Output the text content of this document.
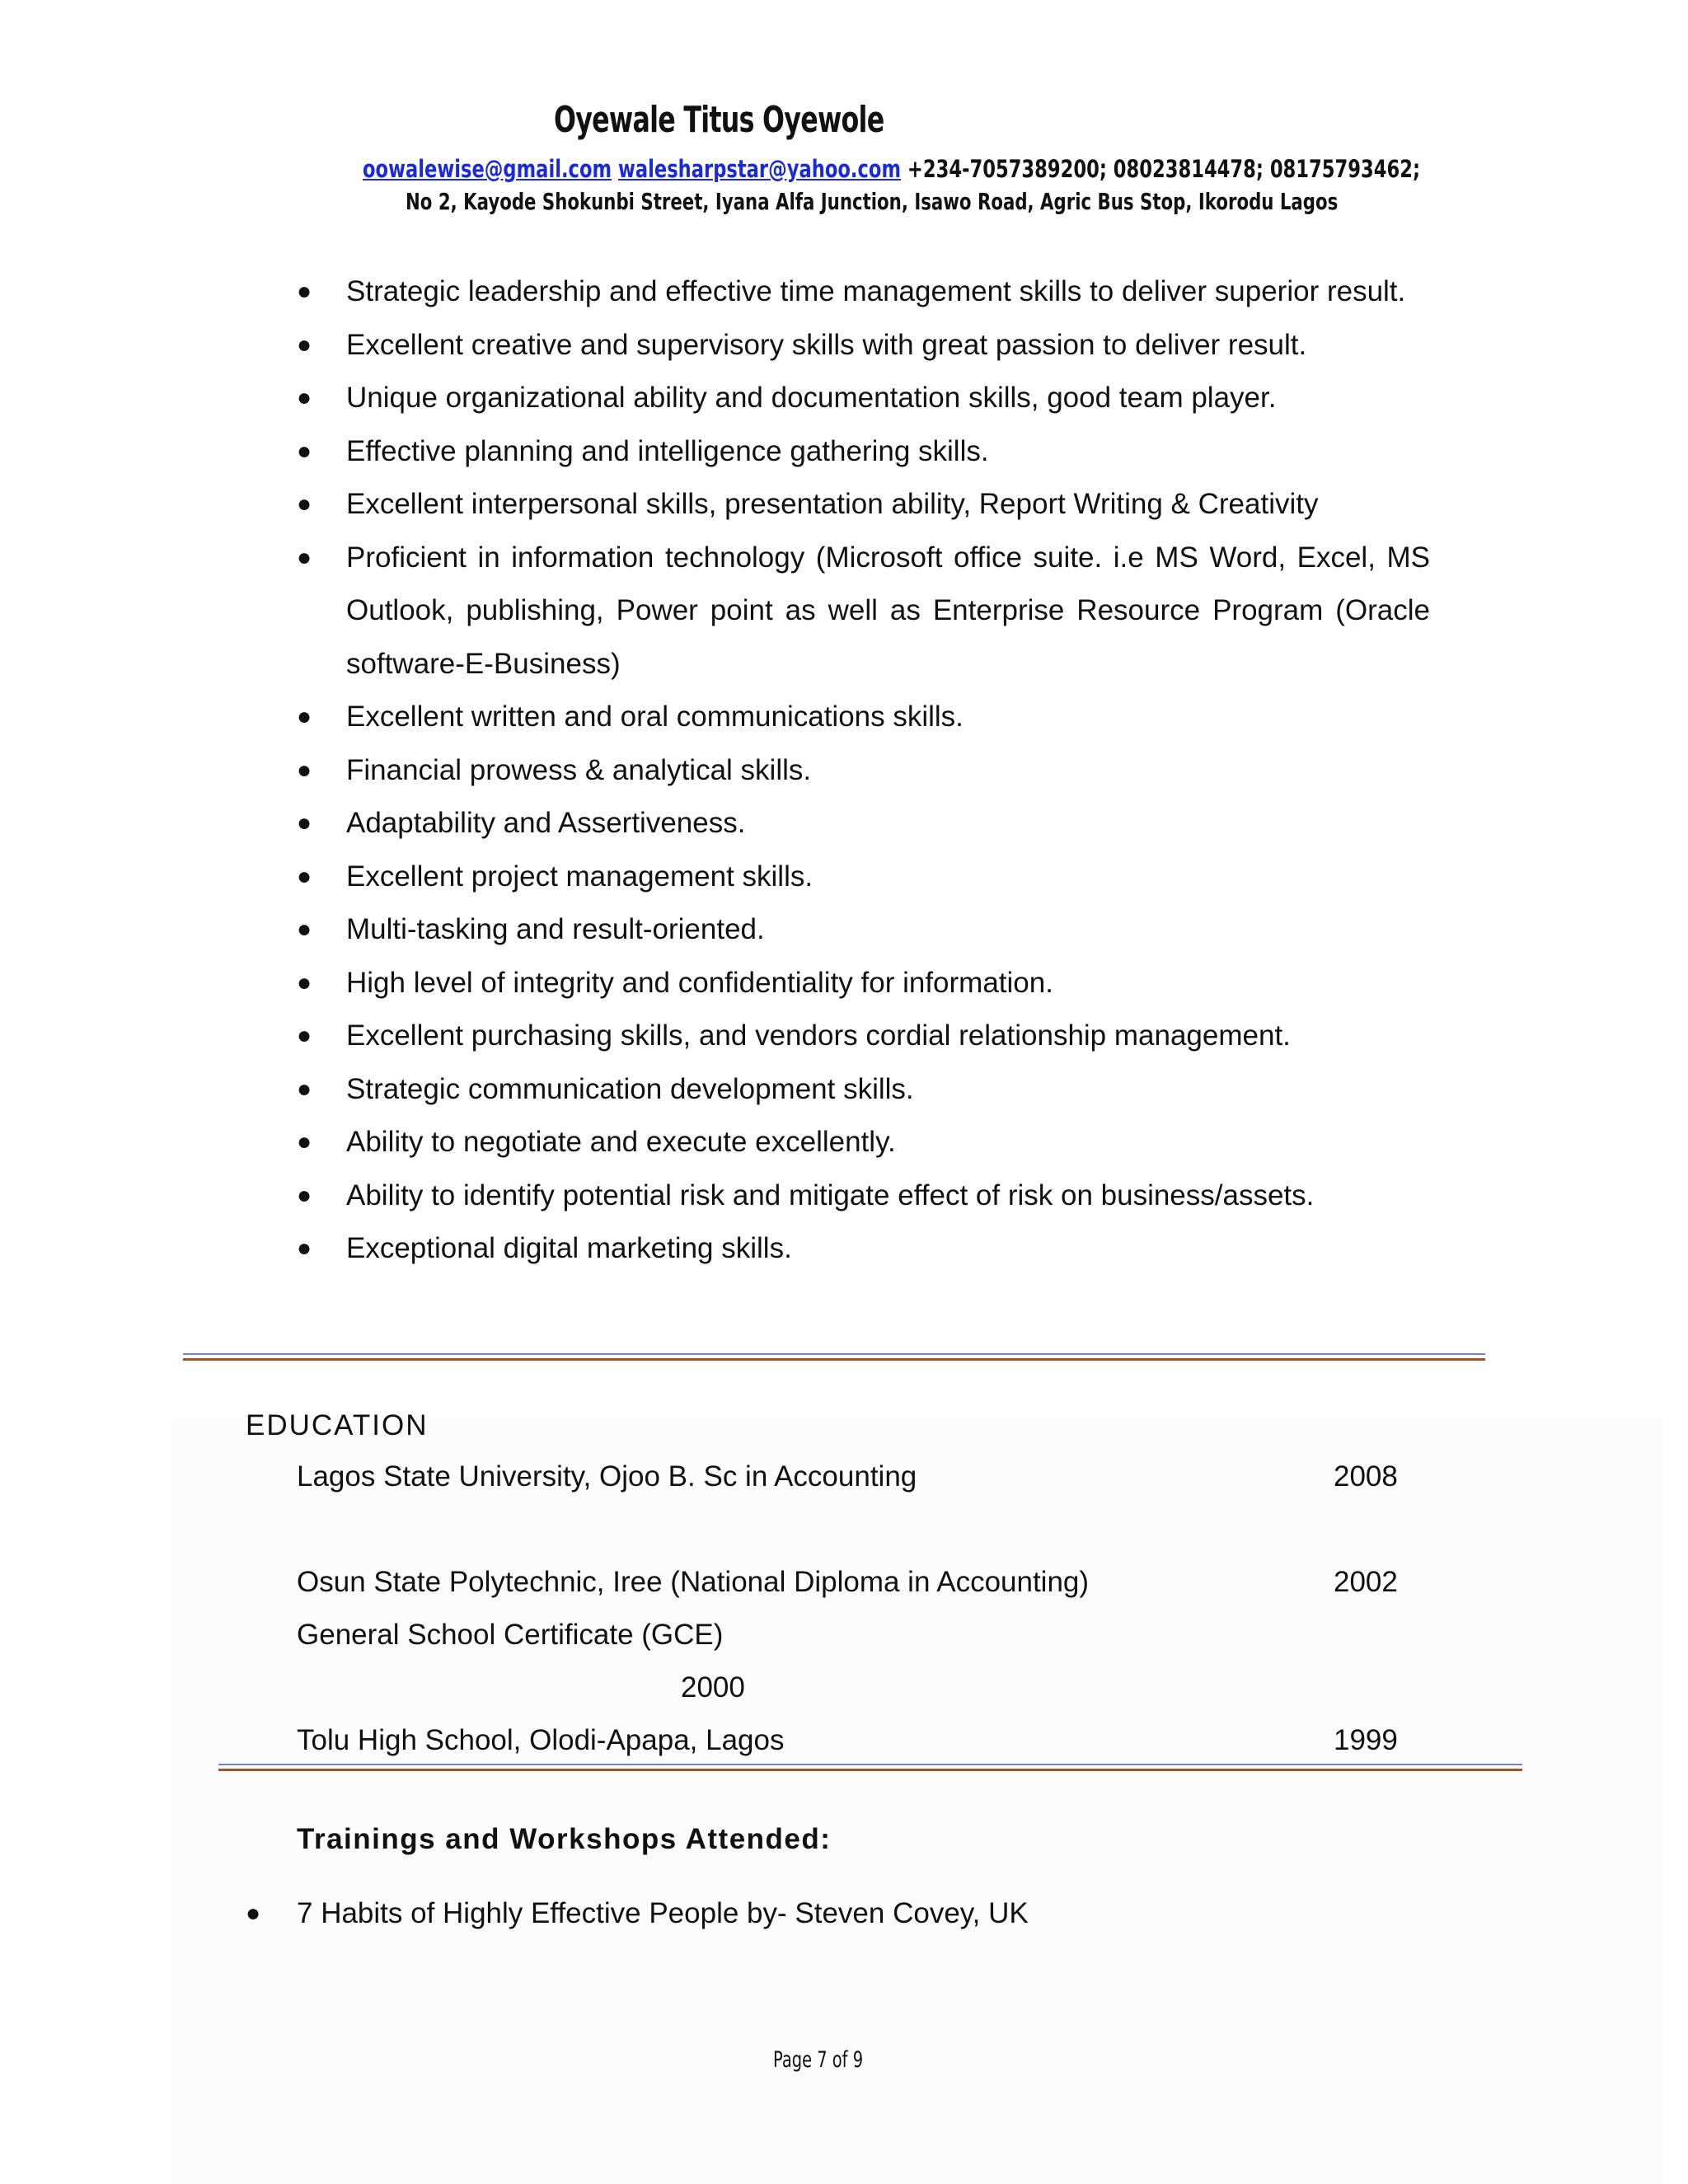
Oyewale Titus Oyewole
oowalewise@gmail.com walesharpstar@yahoo.com +234-7057389200; 08023814478; 08175793462;
No 2, Kayode Shokunbi Street, Iyana Alfa Junction, Isawo Road, Agric Bus Stop, Ikorodu Lagos
● Strategic leadership and effective time management skills to deliver superior result.
● Excellent creative and supervisory skills with great passion to deliver result.
● Unique organizational ability and documentation skills, good team player.
● Effective planning and intelligence gathering skills.
● Excellent interpersonal skills, presentation ability, Report Writing & Creativity
● Proficient in information technology (Microsoft office suite. i.e MS Word, Excel, MS Outlook, publishing, Power point as well as Enterprise Resource Program (Oracle software-E-Business)
● Excellent written and oral communications skills.
● Financial prowess & analytical skills.
● Adaptability and Assertiveness.
● Excellent project management skills.
● Multi-tasking and result-oriented.
● High level of integrity and confidentiality for information.
● Excellent purchasing skills, and vendors cordial relationship management.
● Strategic communication development skills.
● Ability to negotiate and execute excellently.
● Ability to identify potential risk and mitigate effect of risk on business/assets.
● Exceptional digital marketing skills.
EDUCATION
Lagos State University, Ojoo B. Sc in Accounting	2008
Osun State Polytechnic, Iree (National Diploma in Accounting)	2002
General School Certificate (GCE)
2000
Tolu High School, Olodi-Apapa, Lagos	1999
Trainings and Workshops Attended:
● 7 Habits of Highly Effective People by- Steven Covey, UK
Page 7 of 9
